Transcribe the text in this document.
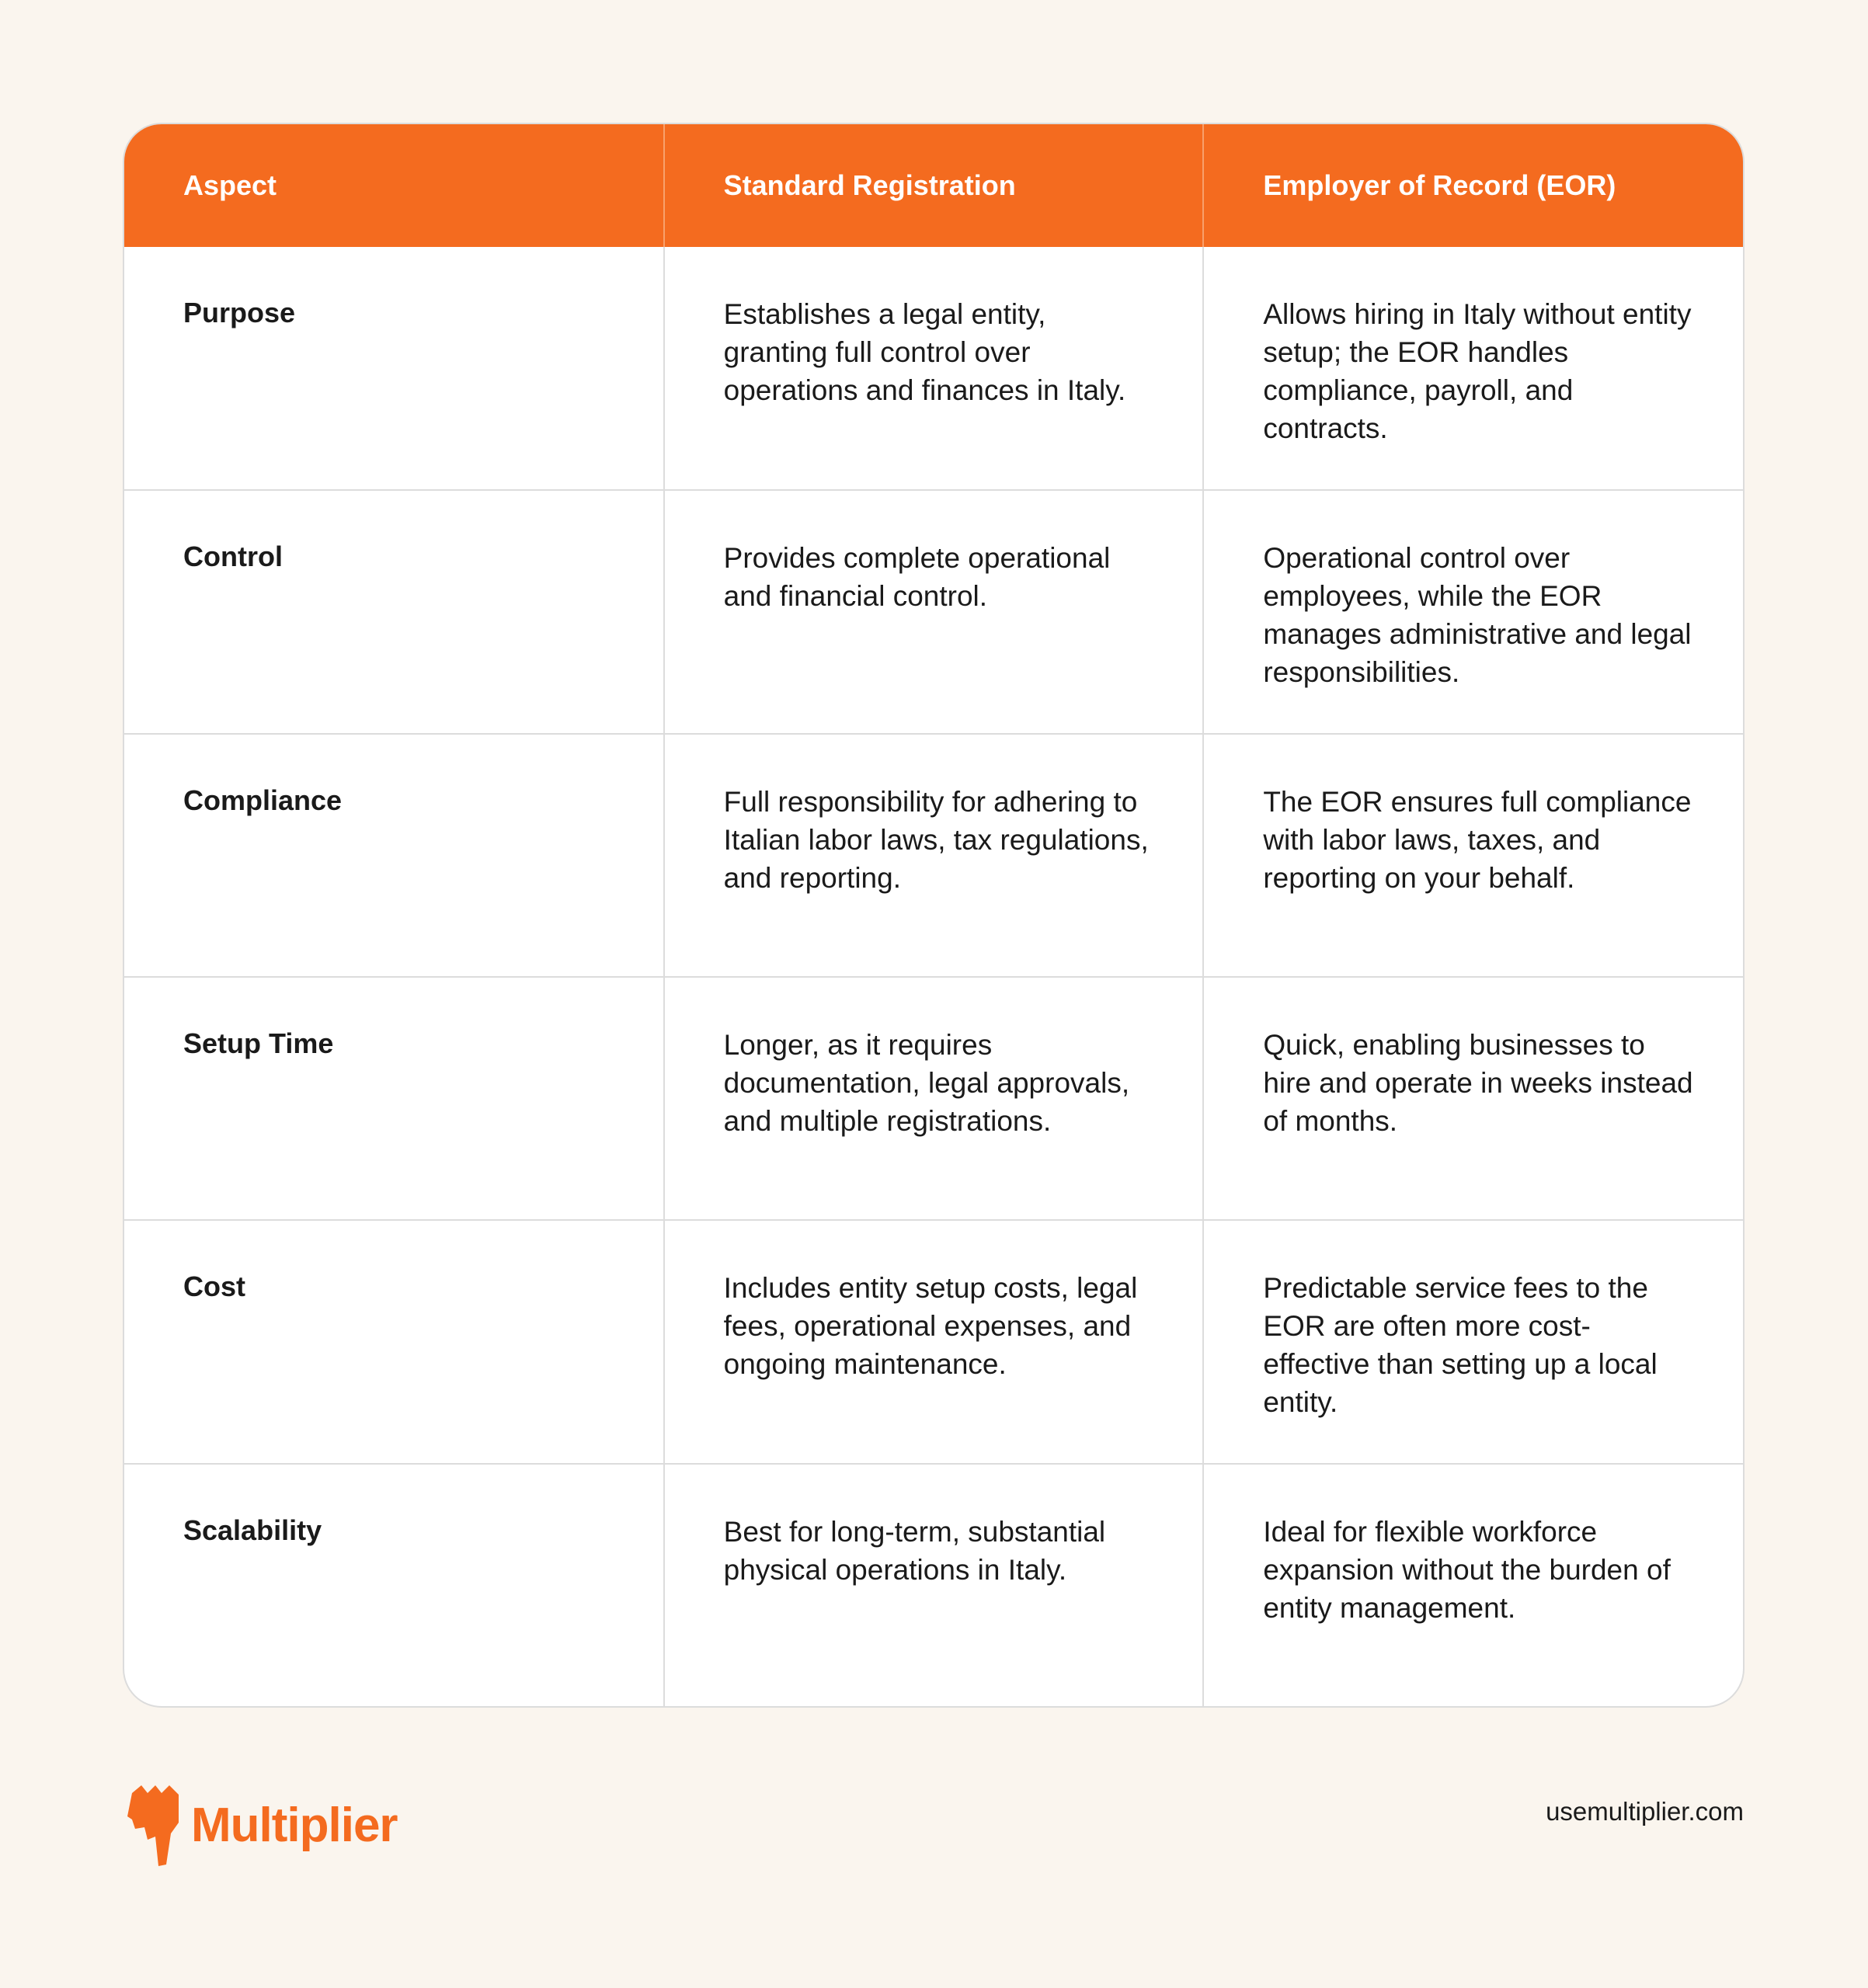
Aspect	Standard Registration	Employer of Record (EOR)
Purpose	Establishes a legal entity, granting full control over operations and finances in Italy.	Allows hiring in Italy without entity setup; the EOR handles compliance, payroll, and contracts.
Control	Provides complete operational and financial control.	Operational control over employees, while the EOR manages administrative and legal responsibilities.
Compliance	Full responsibility for adhering to Italian labor laws, tax regulations, and reporting.	The EOR ensures full compliance with labor laws, taxes, and reporting on your behalf.
Setup Time	Longer, as it requires documentation, legal approvals, and multiple registrations.	Quick, enabling businesses to hire and operate in weeks instead of months.
Cost	Includes entity setup costs, legal fees, operational expenses, and ongoing maintenance.	Predictable service fees to the EOR are often more cost-effective than setting up a local entity.
Scalability	Best for long-term, substantial physical operations in Italy.	Ideal for flexible workforce expansion without the burden of entity management.
Multiplier	usemultiplier.com
